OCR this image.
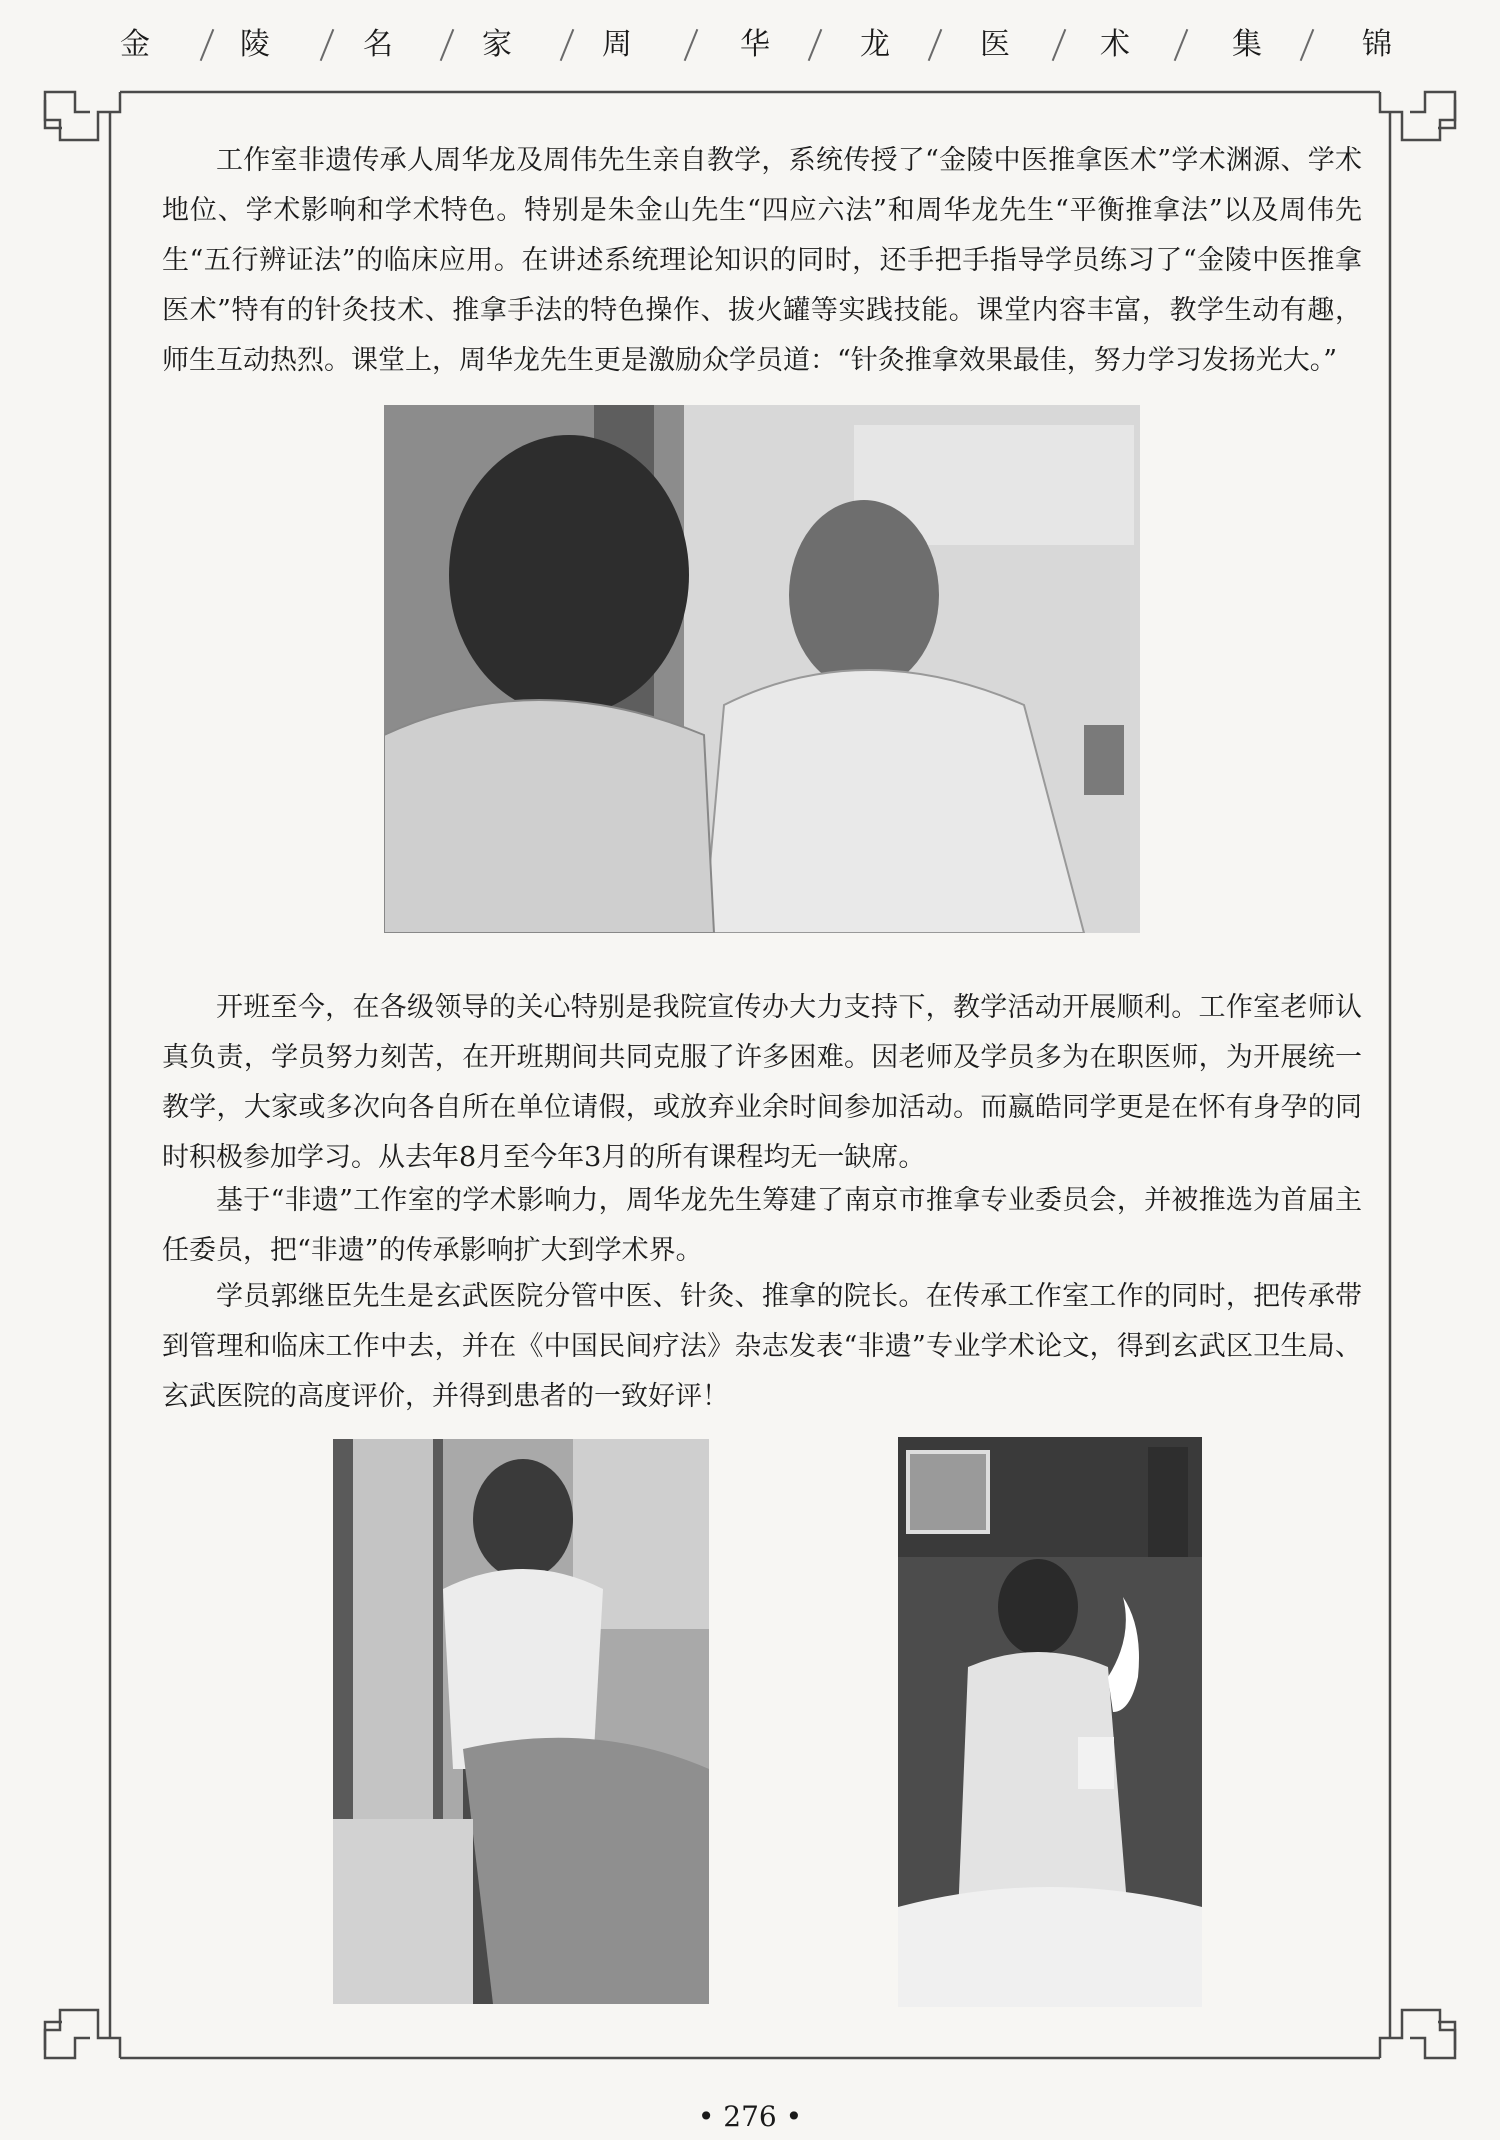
金	陵	名	家	周	华	龙	医	术	集	锦

工作室非遗传承人周华龙及周伟先生亲自教学，系统传授了“金陵中医推拿医术”学术渊源、学术地位、学术影响和学术特色。特别是朱金山先生“四应六法”和周华龙先生“平衡推拿法”以及周伟先生“五行辨证法”的临床应用。在讲述系统理论知识的同时，还手把手指导学员练习了“金陵中医推拿医术”特有的针灸技术、推拿手法的特色操作、拔火罐等实践技能。课堂内容丰富，教学生动有趣，师生互动热烈。课堂上，周华龙先生更是激励众学员道：“针灸推拿效果最佳，努力学习发扬光大。”

开班至今，在各级领导的关心特别是我院宣传办大力支持下，教学活动开展顺利。工作室老师认真负责，学员努力刻苦，在开班期间共同克服了许多困难。因老师及学员多为在职医师，为开展统一教学，大家或多次向各自所在单位请假，或放弃业余时间参加活动。而嬴皓同学更是在怀有身孕的同时积极参加学习。从去年8月至今年3月的所有课程均无一缺席。

基于“非遗”工作室的学术影响力，周华龙先生筹建了南京市推拿专业委员会，并被推选为首届主任委员，把“非遗”的传承影响扩大到学术界。

学员郭继臣先生是玄武医院分管中医、针灸、推拿的院长。在传承工作室工作的同时，把传承带到管理和临床工作中去，并在《中国民间疗法》杂志发表“非遗”专业学术论文，得到玄武区卫生局、玄武医院的高度评价，并得到患者的一致好评！

• 276 •
